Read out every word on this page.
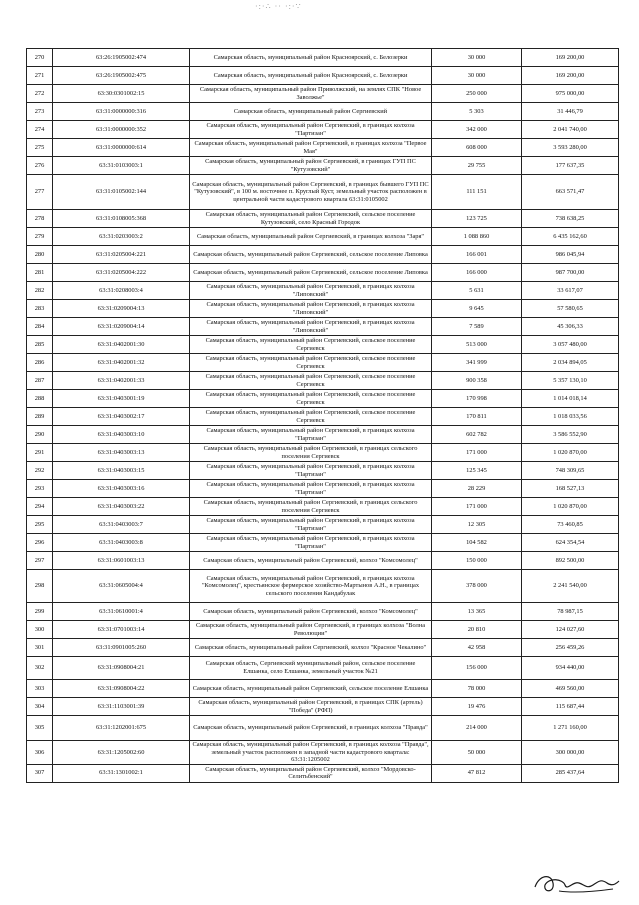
·:·∴ ·· ·:·∵
270	63:26:1905002:474	Самарская область, муниципальный район Красноярский, с. Белозерки	30 000	169 200,00
271	63:26:1905002:475	Самарская область, муниципальный район Красноярский, с. Белозерки	30 000	169 200,00
272	63:30:0301002:15	Самарская область, муниципальный район Приволжский, на землях СПК "Новое Заволжье"	250 000	975 000,00
273	63:31:0000000:316	Самарская область, муниципальный район Сергиевский	5 303	31 446,79
274	63:31:0000000:352	Самарская область, муниципальный район Сергиевский, в границах колхоза "Партизан"	342 000	2 041 740,00
275	63:31:0000000:614	Самарская область, муниципальный район Сергиевский, в границах колхоза "Первое Мая"	608 000	3 593 280,00
276	63:31:0103003:1	Самарская область, муниципальный район Сергиевский, в границах ГУП ПС "Кутузовский"	29 755	177 637,35
277	63:31:0105002:144	Самарская область, муниципальный район Сергиевский, в границах бывшего ГУП ПС "Кутузовский", в 100 м. восточнее п. Круглый Куст, земельный участок расположен в центральной части кадастрового квартала 63:31:0105002	111 151	663 571,47
278	63:31:0108005:368	Самарская область, муниципальный район Сергиевский, сельское поселение Кутузовский, село Красный Городок	123 725	738 638,25
279	63:31:0203003:2	Самарская область, муниципальный район Сергиевский, в границах колхоза "Заря"	1 088 860	6 435 162,60
280	63:31:0205004:221	Самарская область, муниципальный район Сергиевский, сельское поселение Липовка	166 001	986 045,94
281	63:31:0205004:222	Самарская область, муниципальный район Сергиевский, сельское поселение Липовка	166 000	987 700,00
282	63:31:0208003:4	Самарская область, муниципальный район Сергиевский, в границах колхоза "Липовский"	5 631	33 617,07
283	63:31:0209004:13	Самарская область, муниципальный район Сергиевский, в границах колхоза "Липовский"	9 645	57 580,65
284	63:31:0209004:14	Самарская область, муниципальный район Сергиевский, в границах колхоза "Липовский"	7 589	45 306,33
285	63:31:0402001:30	Самарская область, муниципальный район Сергиевский, сельское поселение Сергиевск	513 000	3 057 480,00
286	63:31:0402001:32	Самарская область, муниципальный район Сергиевский, сельское поселение Сергиевск	341 999	2 034 894,05
287	63:31:0402001:33	Самарская область, муниципальный район Сергиевский, сельское поселение Сергиевск	900 358	5 357 130,10
288	63:31:0403001:19	Самарская область, муниципальный район Сергиевский, сельское поселение Сергиевск	170 998	1 014 018,14
289	63:31:0403002:17	Самарская область, муниципальный район Сергиевский, сельское поселение Сергиевск	170 811	1 018 033,56
290	63:31:0403003:10	Самарская область, муниципальный район Сергиевский, в границах колхоза "Партизан"	602 782	3 586 552,90
291	63:31:0403003:13	Самарская область, муниципальный район Сергиевский, в границах сельского поселения Сергиевск	171 000	1 020 870,00
292	63:31:0403003:15	Самарская область, муниципальный район Сергиевский, в границах колхоза "Партизан"	125 345	748 309,65
293	63:31:0403003:16	Самарская область, муниципальный район Сергиевский, в границах колхоза "Партизан"	28 229	168 527,13
294	63:31:0403003:22	Самарская область, муниципальный район Сергиевский, в границах сельского поселения Сергиевск	171 000	1 020 870,00
295	63:31:0403003:7	Самарская область, муниципальный район Сергиевский, в границах колхоза "Партизан"	12 305	73 460,85
296	63:31:0403003:8	Самарская область, муниципальный район Сергиевский, в границах колхоза "Партизан"	104 582	624 354,54
297	63:31:0601003:13	Самарская область, муниципальный район Сергиевский, колхоз "Комсомолец"	150 000	892 500,00
298	63:31:0605004:4	Самарская область, муниципальный район Сергиевский, в границах колхоза "Комсомолец", крестьянское фермерское хозяйство-Мартынов А.Н., в границах сельского поселения Кандабулак	378 000	2 241 540,00
299	63:31:0610001:4	Самарская область, муниципальный район Сергиевский, колхоз "Комсомолец"	13 365	78 987,15
300	63:31:0701003:14	Самарская область, муниципальный район Сергиевский, в границах колхоза "Волна Революции"	20 810	124 027,60
301	63:31:0901005:260	Самарская область, муниципальный район Сергиевский, колхоз "Красное Чекалино"	42 958	256 459,26
302	63:31:0908004:21	Самарская область, Сергиевский муниципальный район, сельское поселение Елшанка, село Елшанка, земельный участок №21	156 000	934 440,00
303	63:31:0908004:22	Самарская область, муниципальный район Сергиевский, сельское поселение Елшанка	78 000	469 560,00
304	63:31:1103001:39	Самарская область, муниципальный район Сергиевский, в границах СПК (артель) "Победа" (РФП)	19 476	115 687,44
305	63:31:1202001:675	Самарская область, муниципальный район Сергиевский, в границах колхоза "Правда"	214 000	1 271 160,00
306	63:31:1205002:60	Самарская область, муниципальный район Сергиевский, в границах колхоза "Правда", земельный участок расположен в западной части кадастрового квартала: 63:31:1205002	50 000	300 000,00
307	63:31:1301002:1	Самарская область, муниципальный район Сергиевский, колхоз "Мордовско-Селитьбенский"	47 812	285 437,64
